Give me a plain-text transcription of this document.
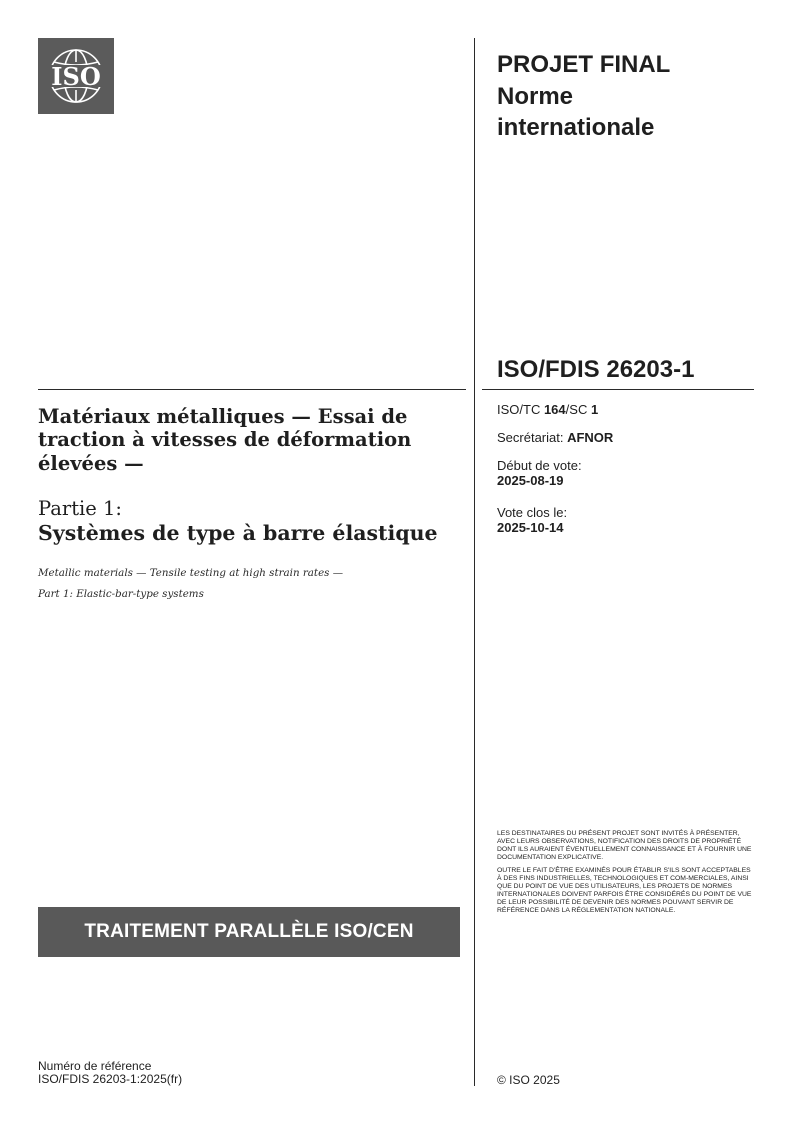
ISO	PROJET FINAL
Norme
internationale
ISO/FDIS 26203-1
ISO/TC 164/SC 1
Secrétariat: AFNOR
Début de vote:
2025-08-19
Vote clos le:
2025-10-14
Matériaux métalliques — Essai de
traction à vitesses de déformation
élevées —
Partie 1:
Systèmes de type à barre élastique
Metallic materials — Tensile testing at high strain rates —
Part 1: Elastic-bar-type systems
TRAITEMENT PARALLÈLE ISO/CEN

LES DESTINATAIRES DU PRÉSENT PROJET SONT INVITÉS À PRÉSENTER, AVEC LEURS OBSERVATIONS, NOTIFICATION DES DROITS DE PROPRIÉTÉ DONT ILS AURAIENT ÉVENTUELLEMENT CONNAISSANCE ET À FOURNIR UNE DOCUMENTATION EXPLICATIVE.

OUTRE LE FAIT D'ÊTRE EXAMINÉS POUR ÉTABLIR S'ILS SONT ACCEPTABLES À DES FINS INDUSTRIELLES, TECHNOLOGIQUES ET COM-MERCIALES, AINSI QUE DU POINT DE VUE DES UTILISATEURS, LES PROJETS DE NORMES INTERNATIONALES DOIVENT PARFOIS ÊTRE CONSIDÉRÉS DU POINT DE VUE DE LEUR POSSIBILITÉ DE DEVENIR DES NORMES POUVANT SERVIR DE RÉFÉRENCE DANS LA RÉGLEMENTATION NATIONALE.

Numéro de référence
ISO/FDIS 26203-1:2025(fr)	© ISO 2025
